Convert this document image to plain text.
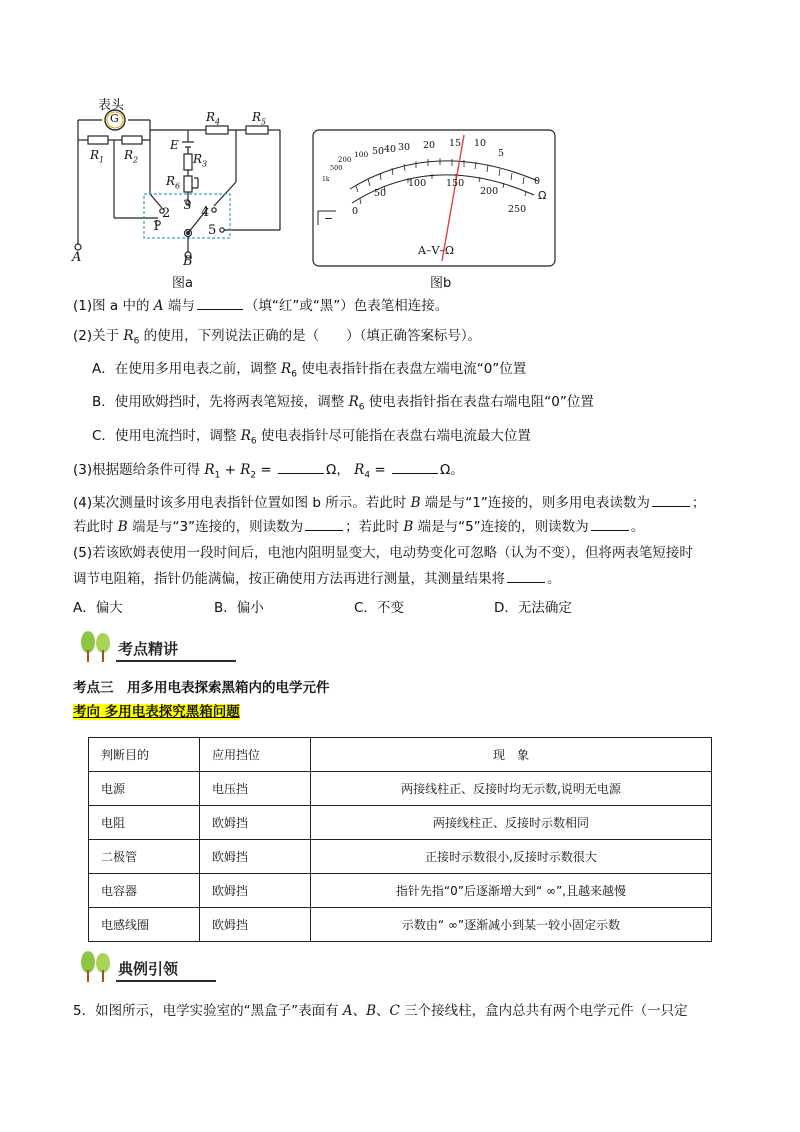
表头
G
$R_1$ $R_2$
$R_4$	$R_5$
E
$R_3$
$R_6$
2
1
3 4
5
A	B
图a
1k
500
200
100 50 40 30 20 15 10
5
0
0
50
100 150
200
250
Ω
−
A–V–Ω
图b
(1)图 a 中的 A 端与	（填“红”或“黑”）色表笔相连接。
(2)关于 $R_6$ 的使用，下列说法正确的是（　　）（填正确答案标号）。
A．在使用多用电表之前，调整 $R_6$ 使电表指针指在表盘左端电流“0”位置
B．使用欧姆挡时，先将两表笔短接，调整 $R_6$ 使电表指针指在表盘右端电阻“0”位置
C．使用电流挡时，调整 $R_6$ 使电表指针尽可能指在表盘右端电流最大位置
(3)根据题给条件可得 $R_1 + R_2$ =	Ω， $R_4$ =	Ω。
(4)某次测量时该多用电表指针位置如图 b 所示。若此时 B 端是与“1”连接的，则多用电表读数为	；
若此时 B 端是与“3”连接的，则读数为	；若此时 B 端是与“5”连接的，则读数为	。
(5)若该欧姆表使用一段时间后，电池内阻明显变大，电动势变化可忽略（认为不变），但将两表笔短接时
调节电阻箱，指针仍能满偏，按正确使用方法再进行测量，其测量结果将	。
A．偏大	B．偏小	C．不变	D．无法确定
考点精讲
考点三　用多用电表探索黑箱内的电学元件
考向 多用电表探究黑箱问题
判断目的	应用挡位	现　象
电源	电压挡	两接线柱正、反接时均无示数,说明无电源
电阻	欧姆挡	两接线柱正、反接时示数相同
二极管	欧姆挡	正接时示数很小,反接时示数很大
电容器	欧姆挡	指针先指“0”后逐渐增大到“ ∞”,且越来越慢
电感线圈	欧姆挡	示数由“ ∞”逐渐减小到某一较小固定示数
典例引领
5．如图所示，电学实验室的“黑盒子”表面有 A、B、C 三个接线柱，盒内总共有两个电学元件（一只定
